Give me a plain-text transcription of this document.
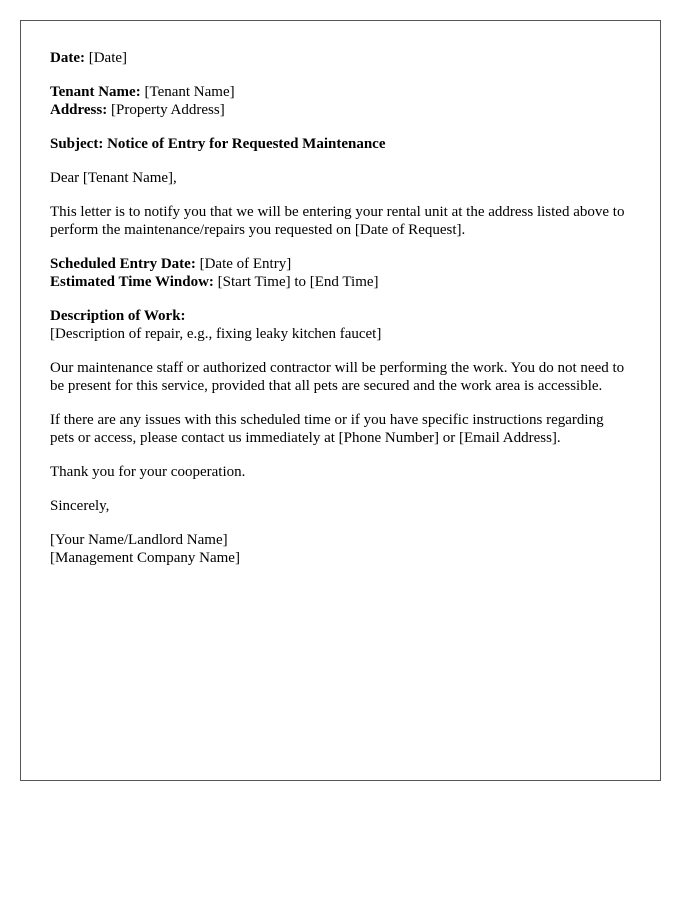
Date: [Date]

Tenant Name: [Tenant Name]
Address: [Property Address]

Subject: Notice of Entry for Requested Maintenance

Dear [Tenant Name],

This letter is to notify you that we will be entering your rental unit at the address listed above to perform the maintenance/repairs you requested on [Date of Request].

Scheduled Entry Date: [Date of Entry]
Estimated Time Window: [Start Time] to [End Time]

Description of Work:
[Description of repair, e.g., fixing leaky kitchen faucet]

Our maintenance staff or authorized contractor will be performing the work. You do not need to be present for this service, provided that all pets are secured and the work area is accessible.

If there are any issues with this scheduled time or if you have specific instructions regarding pets or access, please contact us immediately at [Phone Number] or [Email Address].

Thank you for your cooperation.

Sincerely,

[Your Name/Landlord Name]
[Management Company Name]
